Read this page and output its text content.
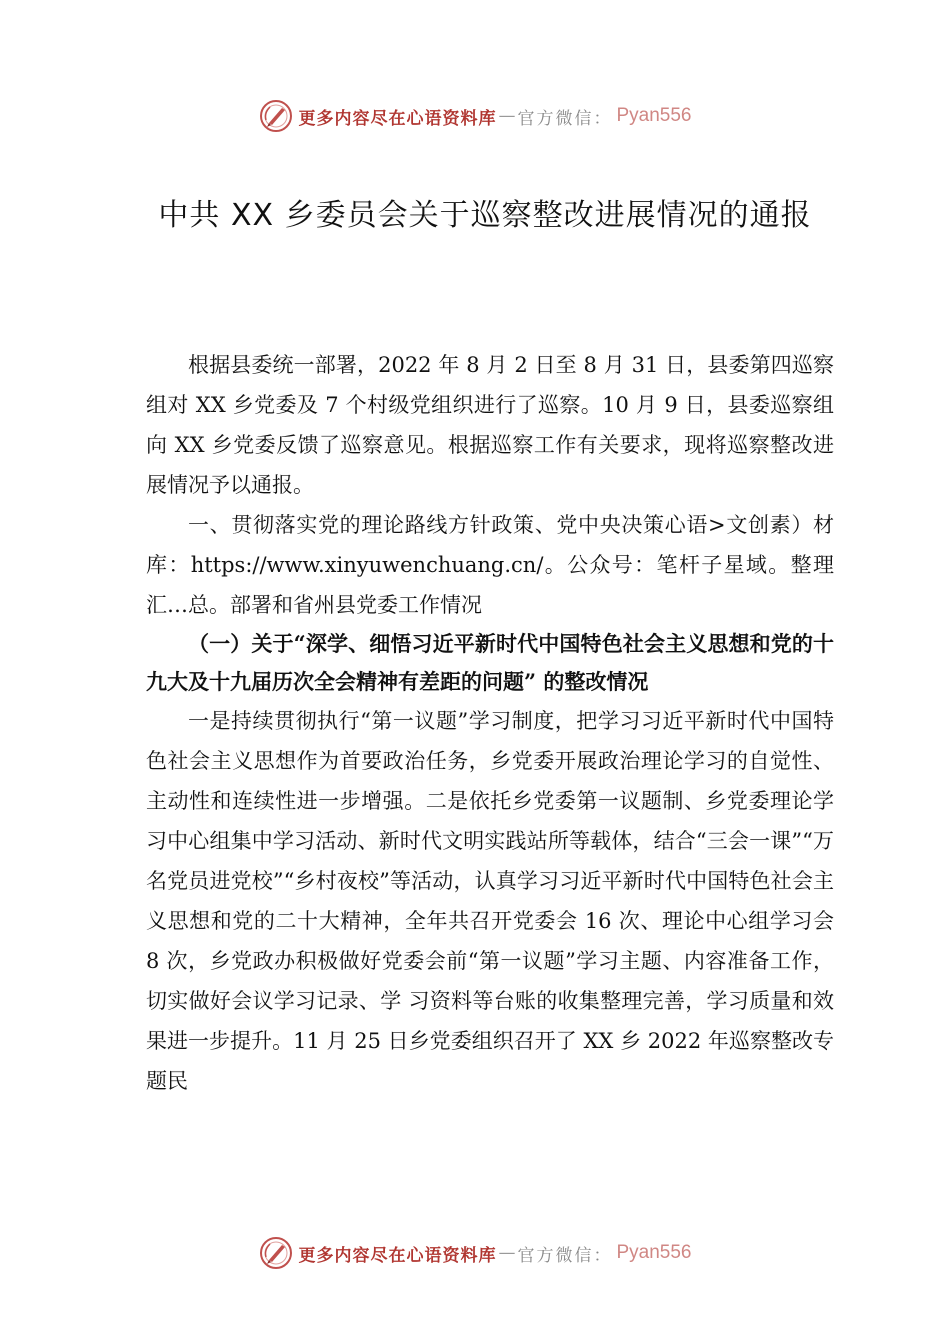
更多内容尽在心语资料库 — 官方微信： Pyan556
中共 XX 乡委员会关于巡察整改进展情况的通报

根据县委统一部署，2022 年 8 月 2 日至 8 月 31 日，县委第四巡察组对 XX 乡党委及 7 个村级党组织进行了巡察。10 月 9 日，县委巡察组向 XX 乡党委反馈了巡察意见。根据巡察工作有关要求，现将巡察整改进展情况予以通报。

一、贯彻落实党的理论路线方针政策、党中央决策心语>文创素）材库：https://www.xinyuwenchuang.cn/。公众号：笔杆子星域。整理汇…总。部署和省州县党委工作情况

（一）关于“深学、细悟习近平新时代中国特色社会主义思想和党的十九大及十九届历次全会精神有差距的问题” 的整改情况

一是持续贯彻执行“第一议题”学习制度，把学习习近平新时代中国特色社会主义思想作为首要政治任务，乡党委开展政治理论学习的自觉性、主动性和连续性进一步增强。二是依托乡党委第一议题制、乡党委理论学习中心组集中学习活动、新时代文明实践站所等载体，结合“三会一课”“万名党员进党校”“乡村夜校”等活动，认真学习习近平新时代中国特色社会主义思想和党的二十大精神，全年共召开党委会 16 次、理论中心组学习会 8 次，乡党政办积极做好党委会前“第一议题”学习主题、内容准备工作，切实做好会议学习记录、学 习资料等台账的收集整理完善，学习质量和效果进一步提升。11 月 25 日乡党委组织召开了 XX 乡 2022 年巡察整改专题民

更多内容尽在心语资料库 — 官方微信： Pyan556
